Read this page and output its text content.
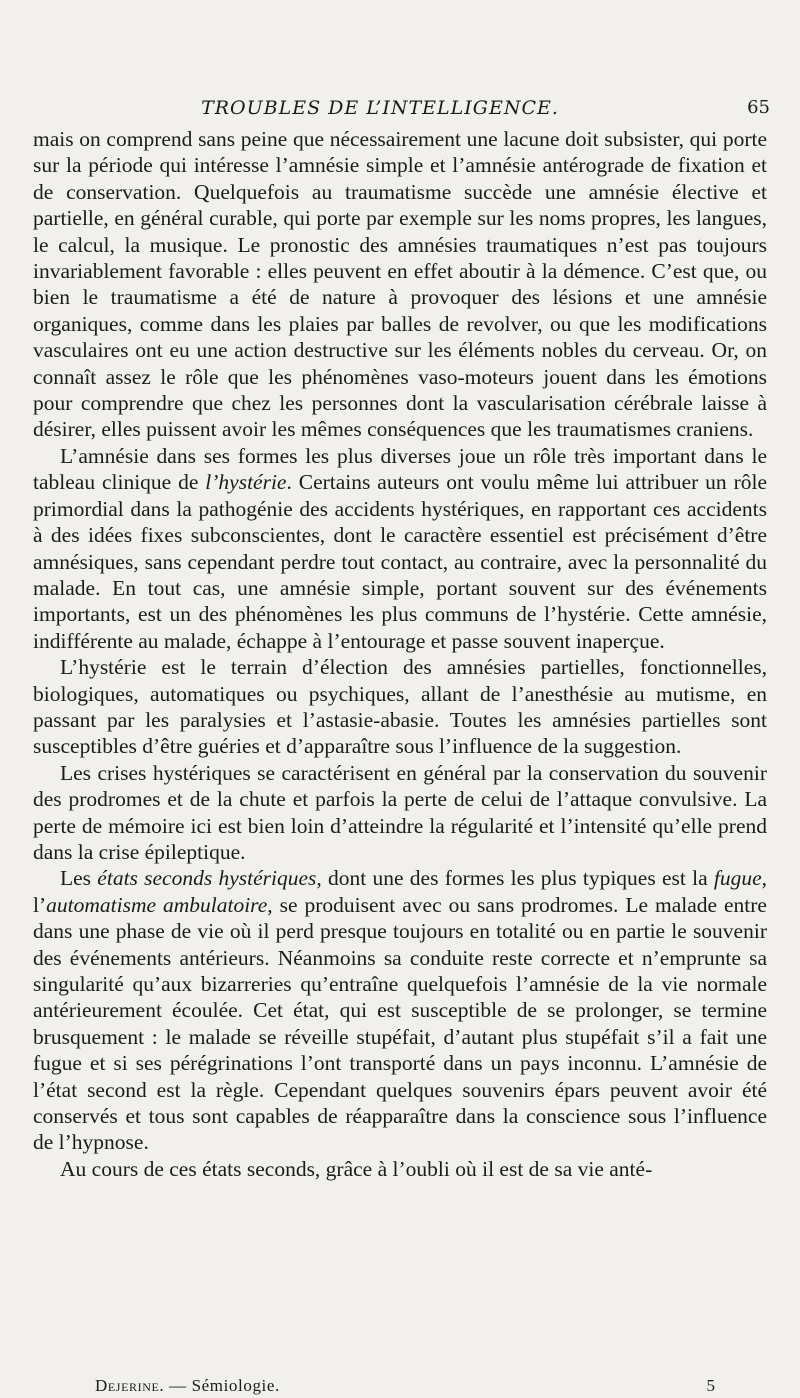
TROUBLES DE L’INTELLIGENCE.	65

mais on comprend sans peine que nécessairement une lacune doit subsister, qui porte sur la période qui intéresse l’amnésie simple et l’amnésie antérograde de fixation et de conservation. Quelquefois au traumatisme succède une amnésie élective et partielle, en général curable, qui porte par exemple sur les noms propres, les langues, le calcul, la musique. Le pronostic des amnésies traumatiques n’est pas toujours invariablement favorable : elles peuvent en effet aboutir à la démence. C’est que, ou bien le traumatisme a été de nature à provoquer des lésions et une amnésie organiques, comme dans les plaies par balles de revolver, ou que les modifications vasculaires ont eu une action destructive sur les éléments nobles du cerveau. Or, on connaît assez le rôle que les phénomènes vaso-moteurs jouent dans les émotions pour comprendre que chez les personnes dont la vascularisation cérébrale laisse à désirer, elles puissent avoir les mêmes conséquences que les traumatismes craniens.

L’amnésie dans ses formes les plus diverses joue un rôle très important dans le tableau clinique de l’hystérie. Certains auteurs ont voulu même lui attribuer un rôle primordial dans la pathogénie des accidents hystériques, en rapportant ces accidents à des idées fixes subconscientes, dont le caractère essentiel est précisément d’être amnésiques, sans cependant perdre tout contact, au contraire, avec la personnalité du malade. En tout cas, une amnésie simple, portant souvent sur des événements importants, est un des phénomènes les plus communs de l’hystérie. Cette amnésie, indifférente au malade, échappe à l’entourage et passe souvent inaperçue.

L’hystérie est le terrain d’élection des amnésies partielles, fonctionnelles, biologiques, automatiques ou psychiques, allant de l’anesthésie au mutisme, en passant par les paralysies et l’astasie-abasie. Toutes les amnésies partielles sont susceptibles d’être guéries et d’apparaître sous l’influence de la suggestion.

Les crises hystériques se caractérisent en général par la conservation du souvenir des prodromes et de la chute et parfois la perte de celui de l’attaque convulsive. La perte de mémoire ici est bien loin d’atteindre la régularité et l’intensité qu’elle prend dans la crise épileptique.

Les états seconds hystériques, dont une des formes les plus typiques est la fugue, l’automatisme ambulatoire, se produisent avec ou sans prodromes. Le malade entre dans une phase de vie où il perd presque toujours en totalité ou en partie le souvenir des événements antérieurs. Néanmoins sa conduite reste correcte et n’emprunte sa singularité qu’aux bizarreries qu’entraîne quelquefois l’amnésie de la vie normale antérieurement écoulée. Cet état, qui est susceptible de se prolonger, se termine brusquement : le malade se réveille stupéfait, d’autant plus stupéfait s’il a fait une fugue et si ses pérégrinations l’ont transporté dans un pays inconnu. L’amnésie de l’état second est la règle. Cependant quelques souvenirs épars peuvent avoir été conservés et tous sont capables de réapparaître dans la conscience sous l’influence de l’hypnose.

Au cours de ces états seconds, grâce à l’oubli où il est de sa vie anté-

Dejerine. — Sémiologie.	5
